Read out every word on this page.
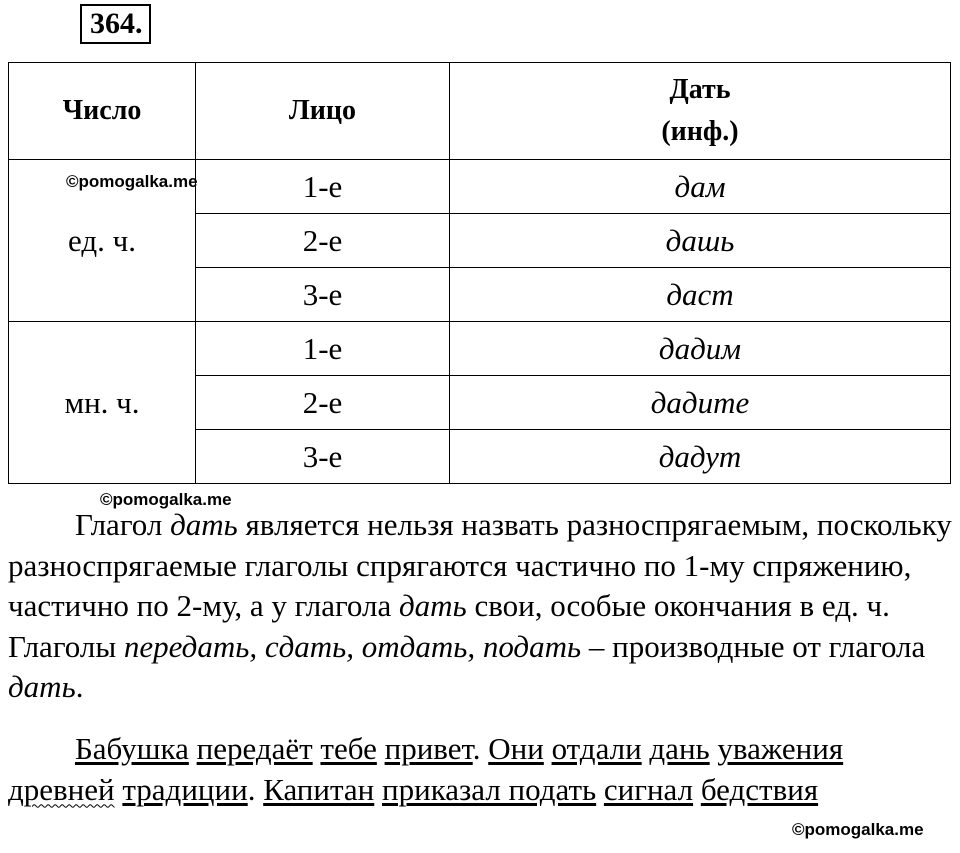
364.
Число	Лицо	Дать
(инф.)

ед. ч.	1-е	дам
	2-е	дашь
	3-е	даст
мн. ч.	1-е	дадим
	2-е	дадите
	3-е	дадут
©pomogalka.me
©pomogalka.me

Глагол дать является нельзя назвать разноспрягаемым, поскольку разноспрягаемые глаголы спрягаются частично по 1-му спряжению, частично по 2-му, а у глагола дать свои, особые окончания в ед. ч. Глаголы передать, сдать, отдать, подать – производные от глагола дать.

Бабушка передаёт тебе привет. Они отдали дань уважения древней традиции. Капитан приказал подать сигнал бедствия

©pomogalka.me
